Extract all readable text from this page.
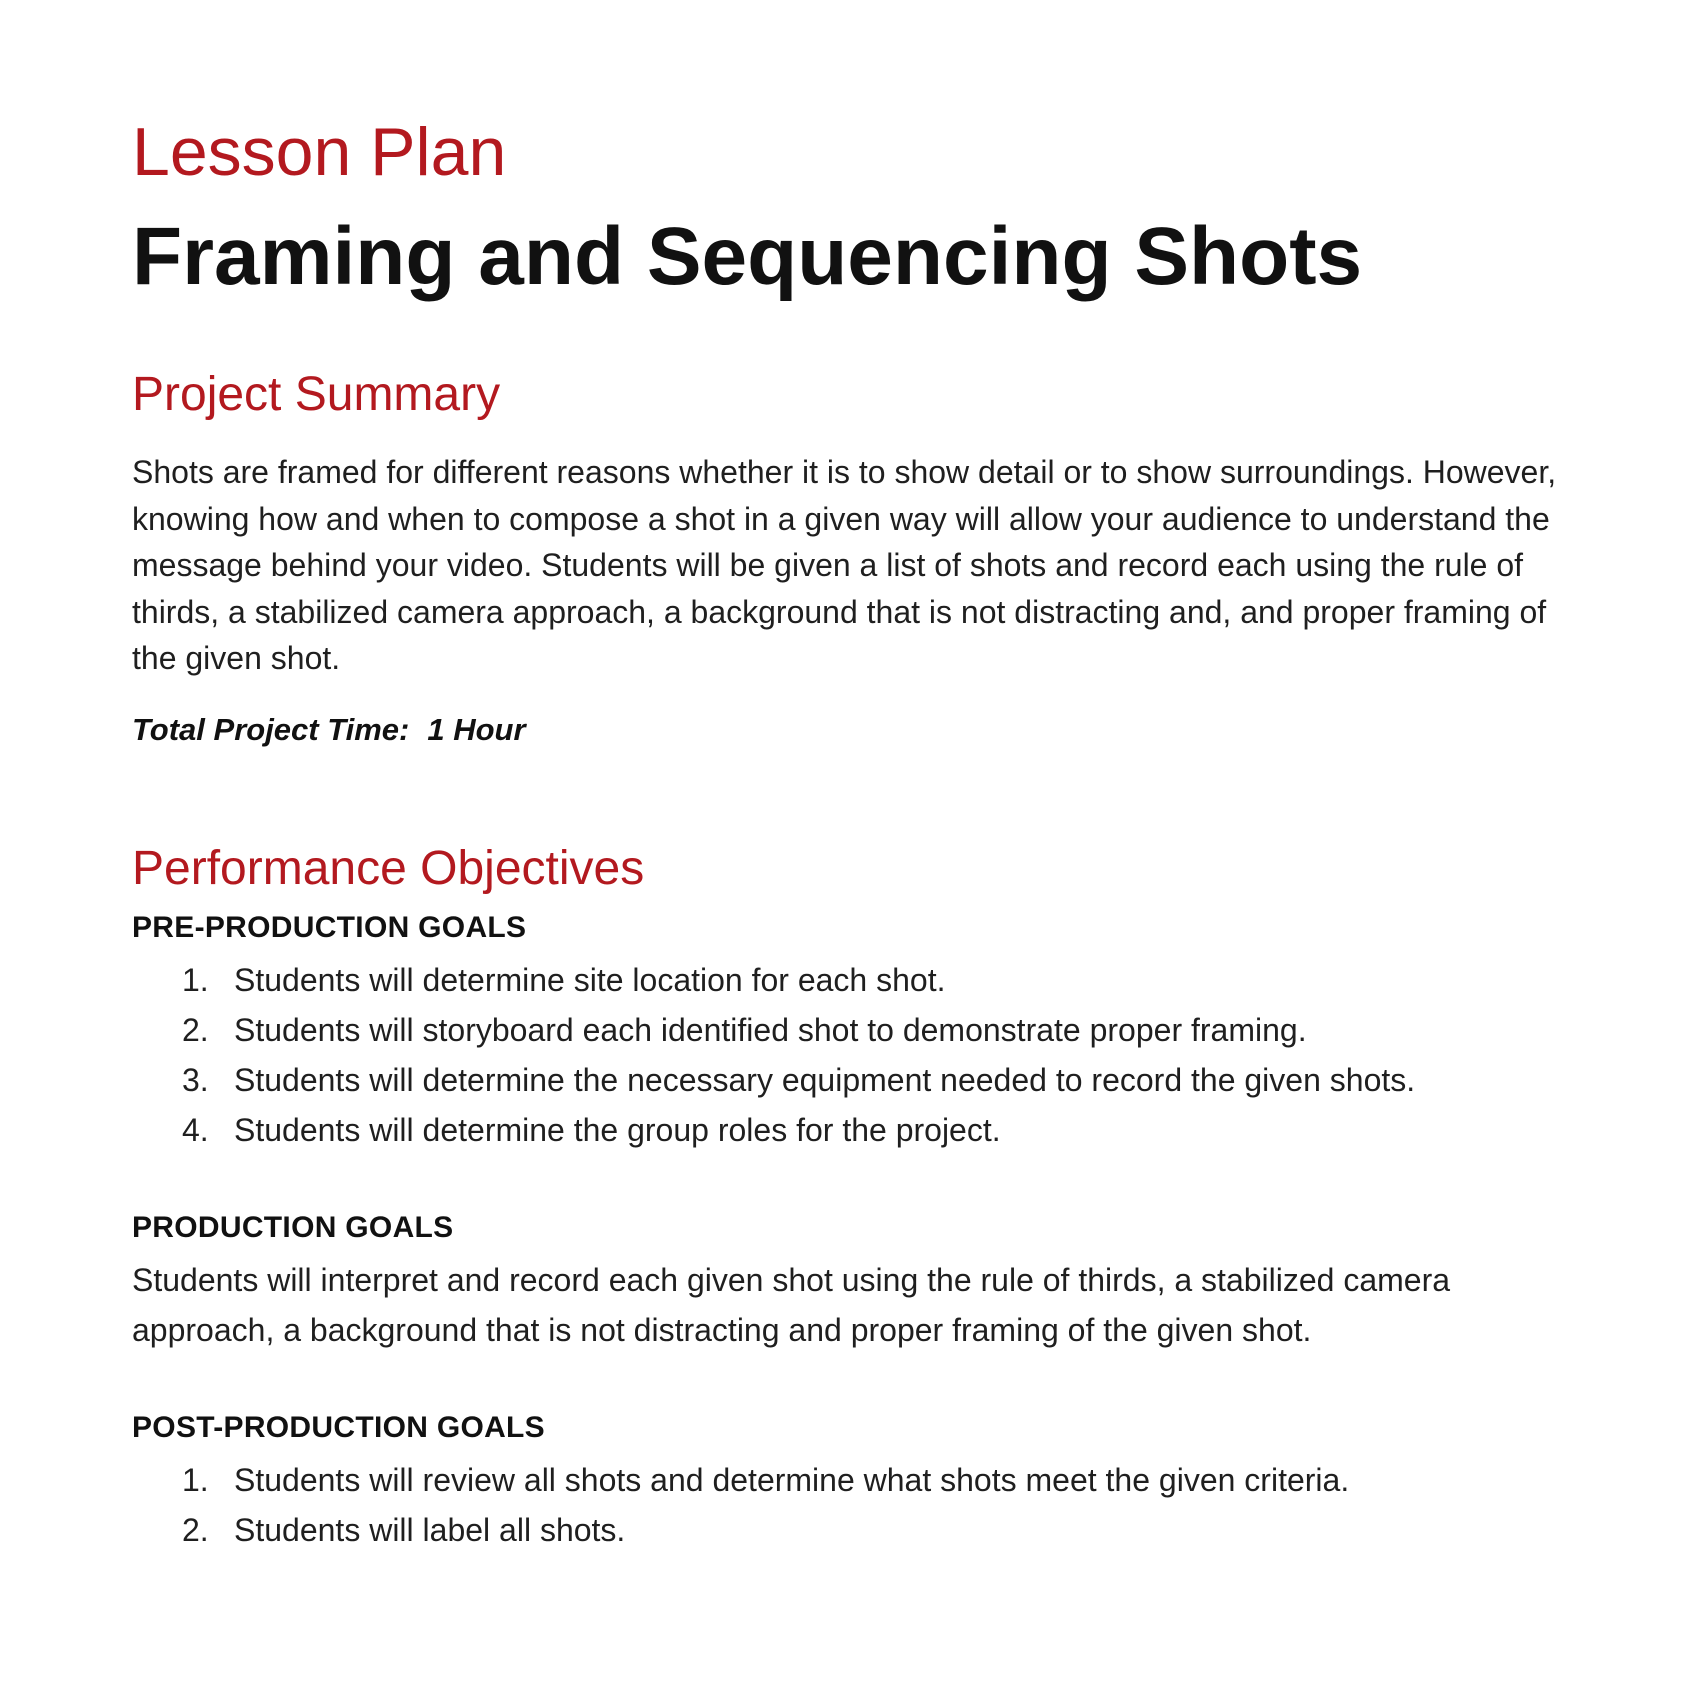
Lesson Plan
Framing and Sequencing Shots
Project Summary

Shots are framed for different reasons whether it is to show detail or to show surroundings. However, knowing how and when to compose a shot in a given way will allow your audience to understand the message behind your video. Students will be given a list of shots and record each using the rule of thirds, a stabilized camera approach, a background that is not distracting and, and proper framing of the given shot.

Total Project Time: 1 Hour

Performance Objectives

PRE-PRODUCTION GOALS

1. Students will determine site location for each shot.
2. Students will storyboard each identified shot to demonstrate proper framing.
3. Students will determine the necessary equipment needed to record the given shots.
4. Students will determine the group roles for the project.

PRODUCTION GOALS

Students will interpret and record each given shot using the rule of thirds, a stabilized camera approach, a background that is not distracting and proper framing of the given shot.

POST-PRODUCTION GOALS

1. Students will review all shots and determine what shots meet the given criteria.
2. Students will label all shots.
